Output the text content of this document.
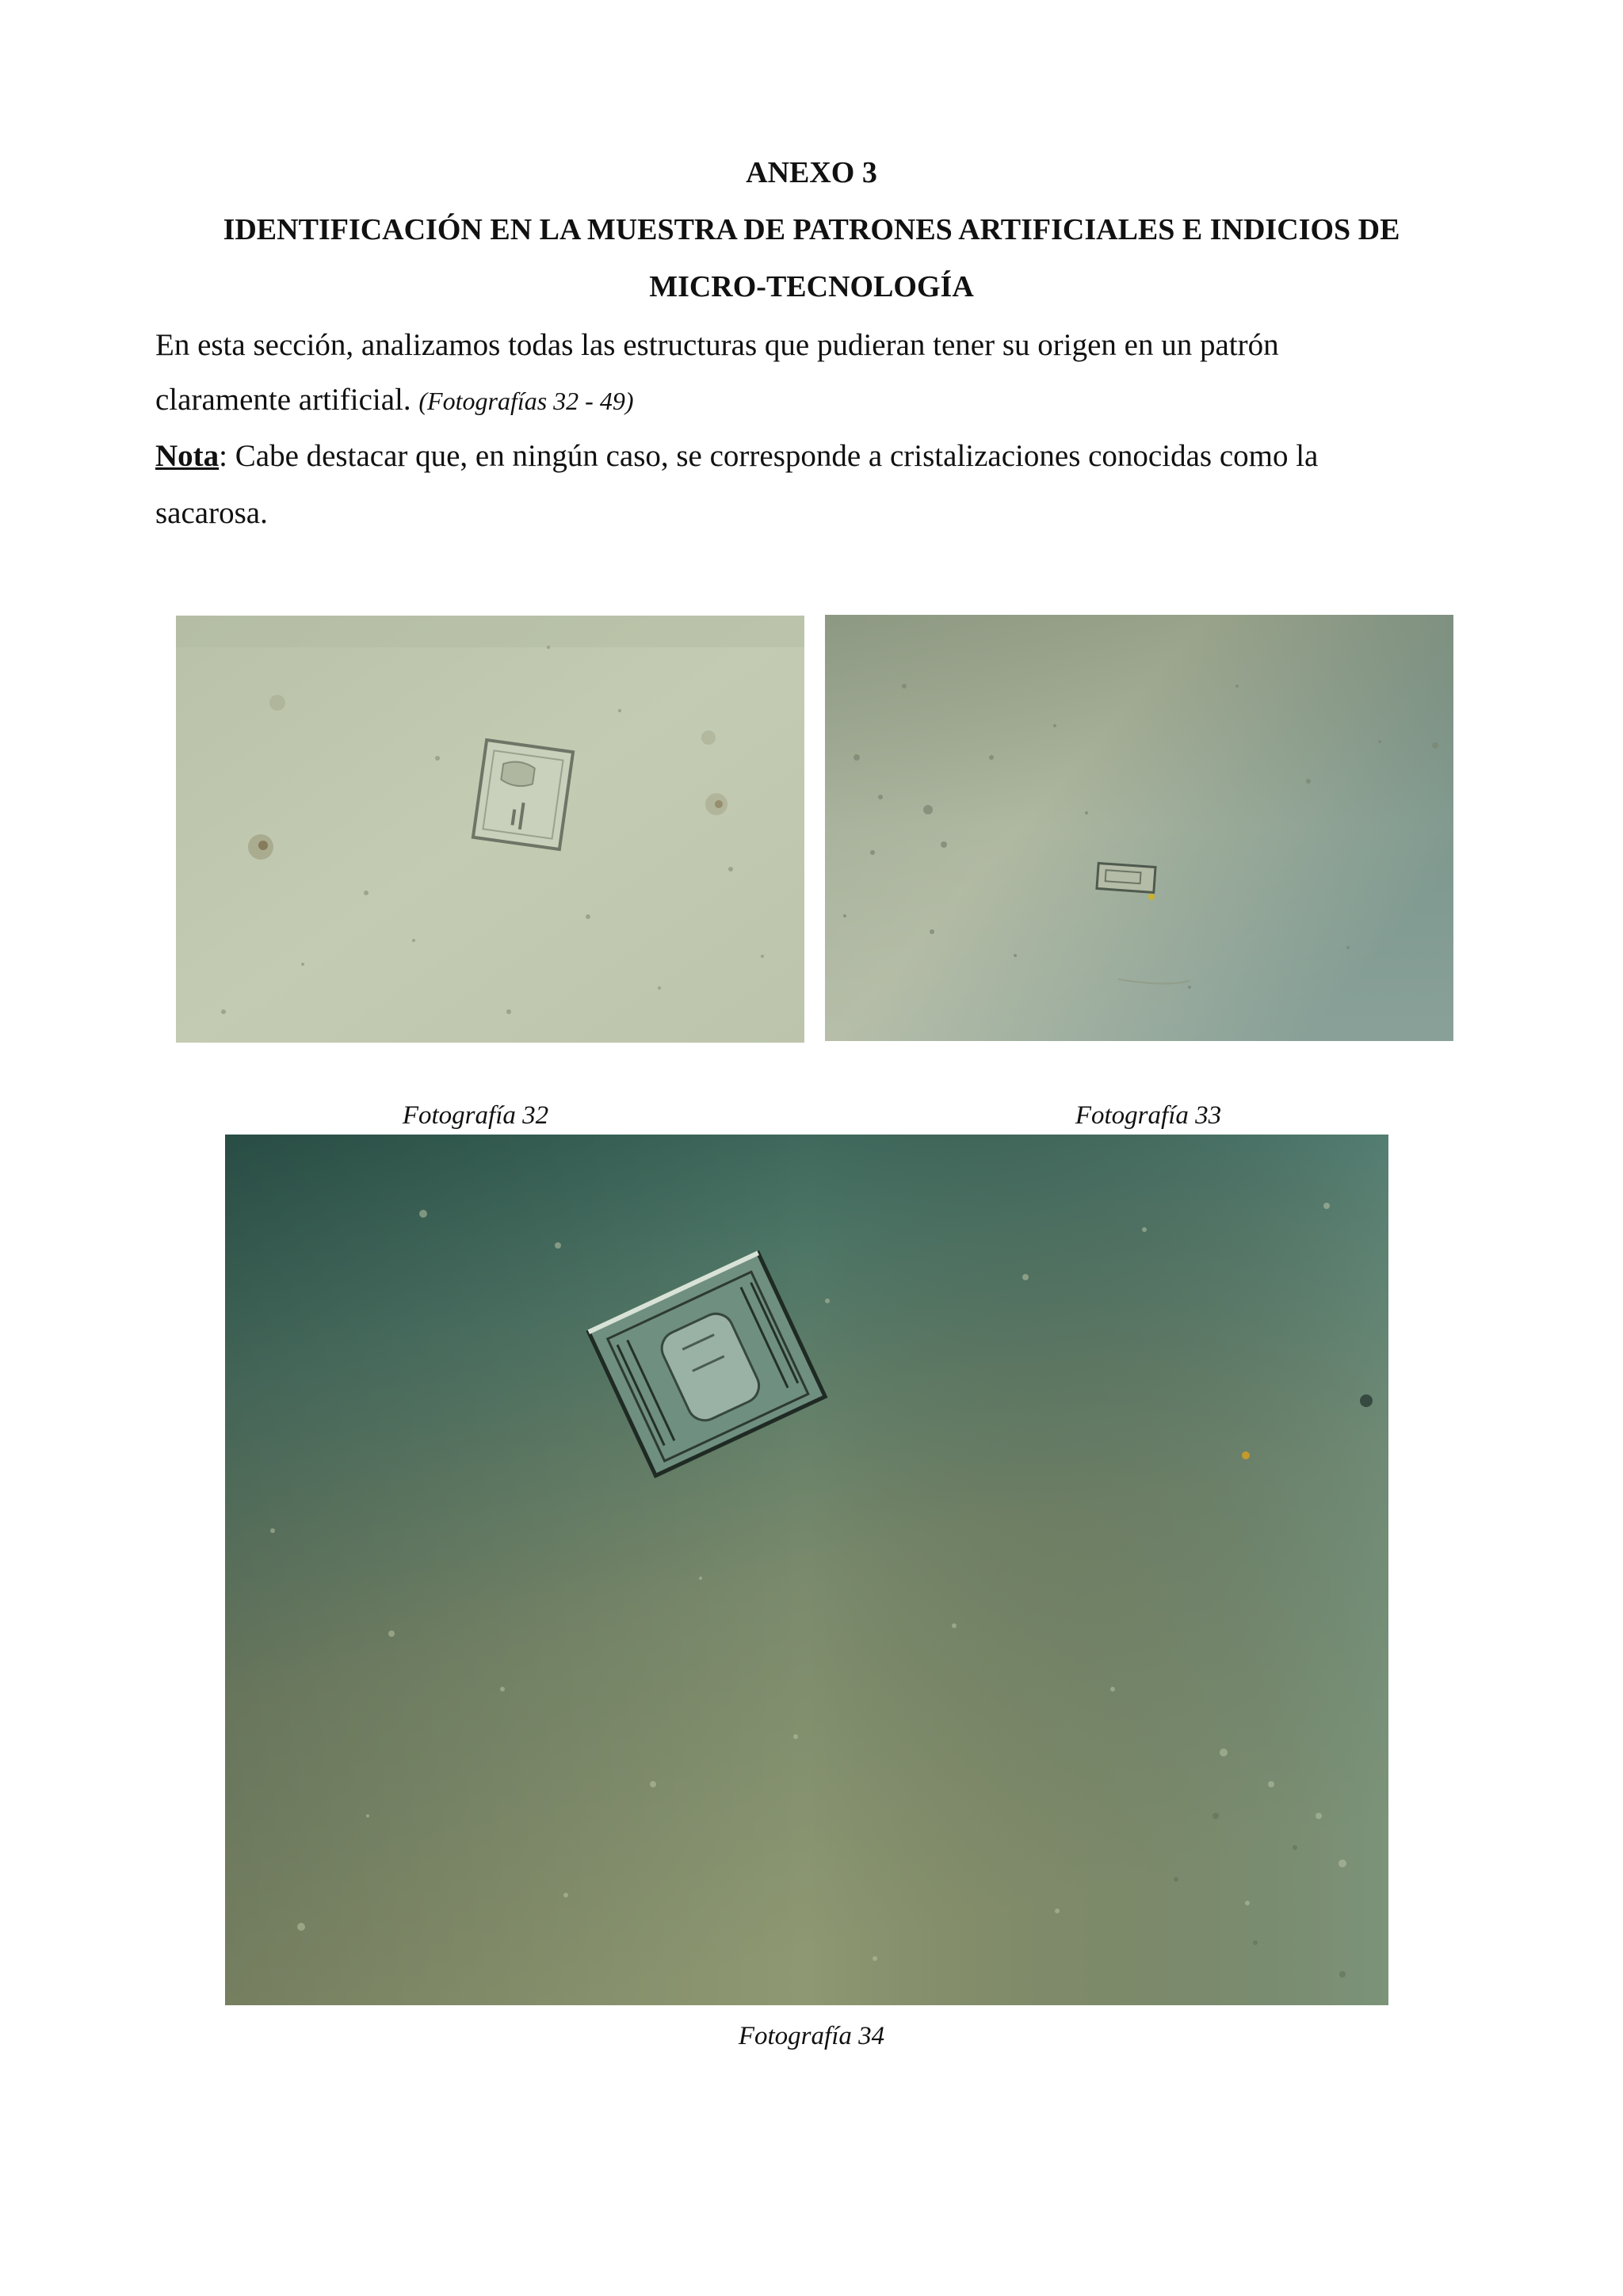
ANEXO 3
IDENTIFICACIÓN EN LA MUESTRA DE PATRONES ARTIFICIALES E INDICIOS DE
MICRO-TECNOLOGÍA
En esta sección, analizamos todas las estructuras que pudieran tener su origen en un patrón
claramente artificial. (Fotografías 32 - 49)
Nota: Cabe destacar que, en ningún caso, se corresponde a cristalizaciones conocidas como la
sacarosa.
Fotografía 32	Fotografía 33
Fotografía 34
